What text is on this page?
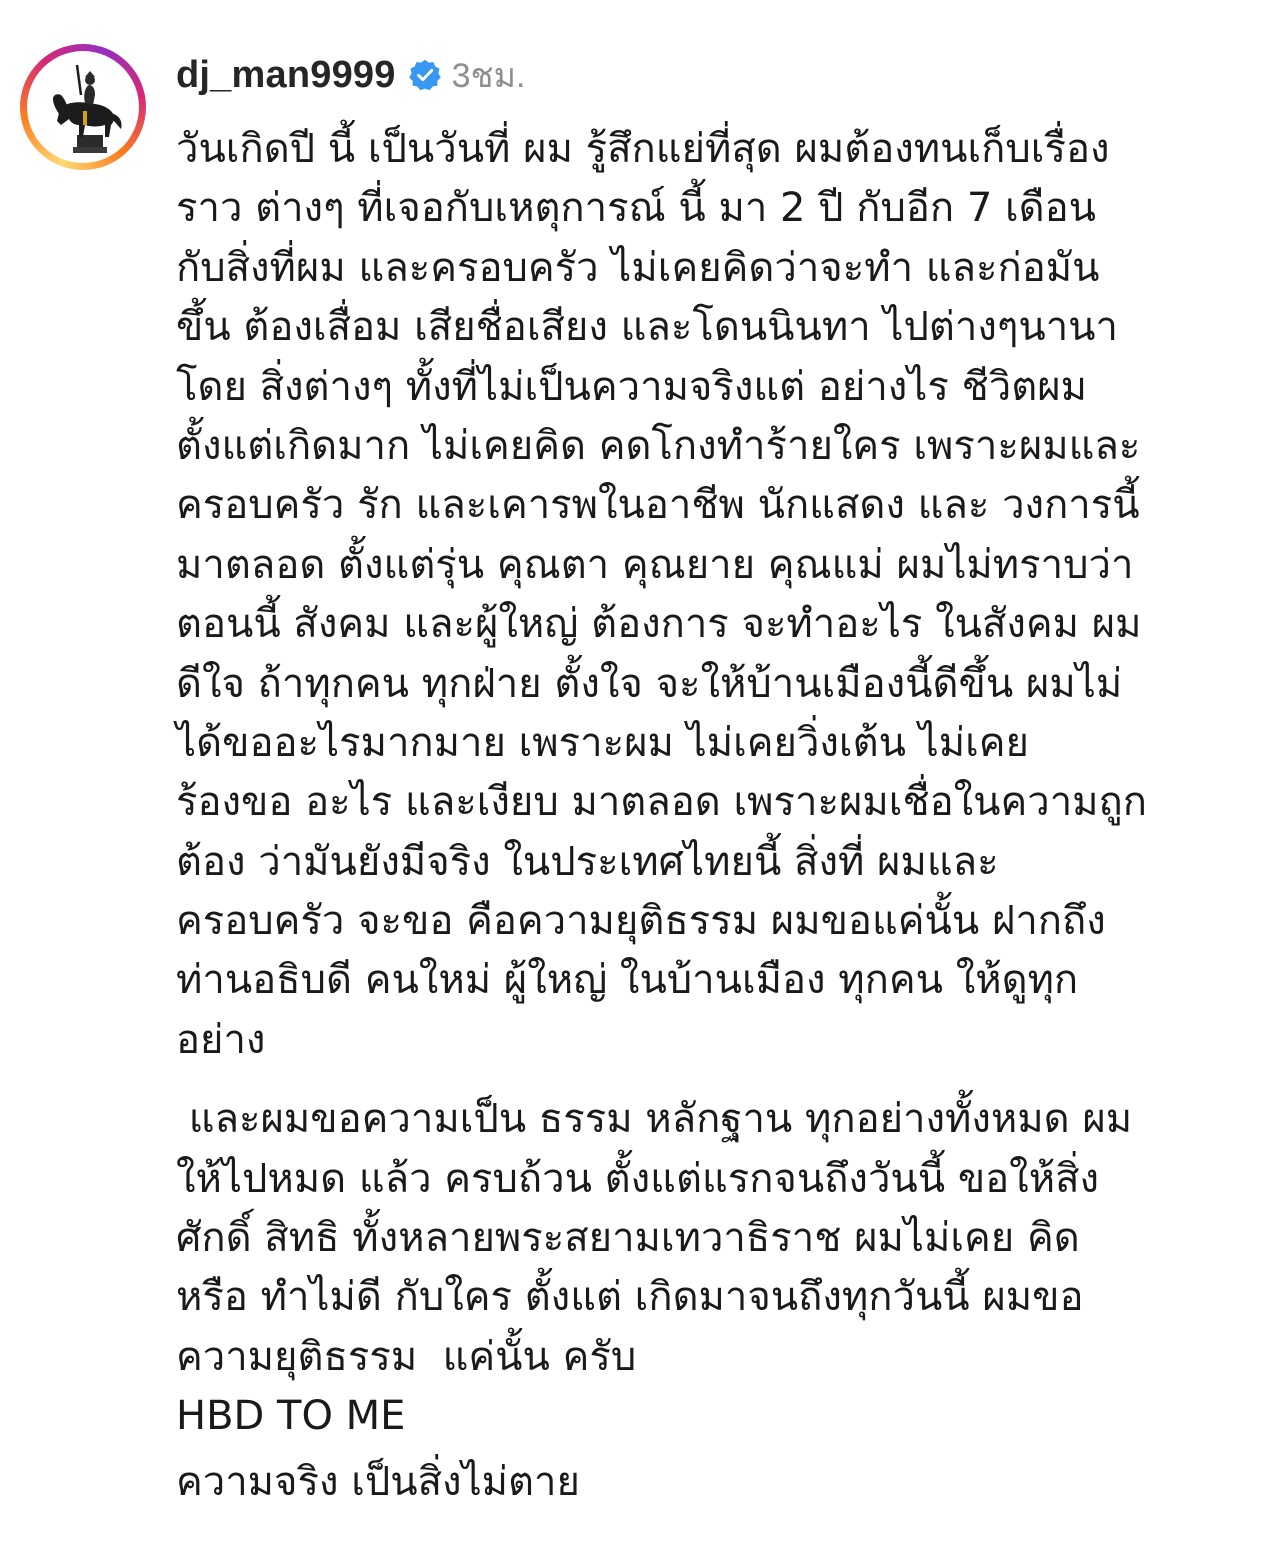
dj_man9999 3ชม.
วันเกิดปี นี้ เป็นวันที่ ผม รู้สึกแย่ที่สุด ผมต้องทนเก็บเรื่อง
ราว ต่างๆ ที่เจอกับเหตุการณ์ นี้ มา 2 ปี กับอีก 7 เดือน
กับสิ่งที่ผม และครอบครัว ไม่เคยคิดว่าจะทำ และก่อมัน
ขึ้น ต้องเสื่อม เสียชื่อเสียง และโดนนินทา ไปต่างๆนานา
โดย สิ่งต่างๆ ทั้งที่ไม่เป็นความจริงแต่ อย่างไร ชีวิตผม
ตั้งแต่เกิดมาก ไม่เคยคิด คดโกงทำร้ายใคร เพราะผมและ
ครอบครัว รัก และเคารพในอาชีพ นักแสดง และ วงการนี้
มาตลอด ตั้งแต่รุ่น คุณตา คุณยาย คุณแม่ ผมไม่ทราบว่า
ตอนนี้ สังคม และผู้ใหญ่ ต้องการ จะทำอะไร ในสังคม ผม
ดีใจ ถ้าทุกคน ทุกฝ่าย ตั้งใจ จะให้บ้านเมืองนี้ดีขึ้น ผมไม่
ได้ขออะไรมากมาย เพราะผม ไม่เคยวิ่งเต้น ไม่เคย
ร้องขอ อะไร และเงียบ มาตลอด เพราะผมเชื่อในความถูก
ต้อง ว่ามันยังมีจริง ในประเทศไทยนี้ สิ่งที่ ผมและ
ครอบครัว จะขอ คือความยุติธรรม ผมขอแค่นั้น ฝากถึง
ท่านอธิบดี คนใหม่ ผู้ใหญ่ ในบ้านเมือง ทุกคน ให้ดูทุก
อย่าง
และผมขอความเป็น ธรรม หลักฐาน ทุกอย่างทั้งหมด ผม
ให้ไปหมด แล้ว ครบถ้วน ตั้งแต่แรกจนถึงวันนี้ ขอให้สิ่ง
ศักดิ์ สิทธิ ทั้งหลายพระสยามเทวาธิราช ผมไม่เคย คิด
หรือ ทำไม่ดี กับใคร ตั้งแต่ เกิดมาจนถึงทุกวันนี้ ผมขอ
ความยุติธรรม  แค่นั้น ครับ
HBD TO ME
ความจริง เป็นสิ่งไม่ตาย
